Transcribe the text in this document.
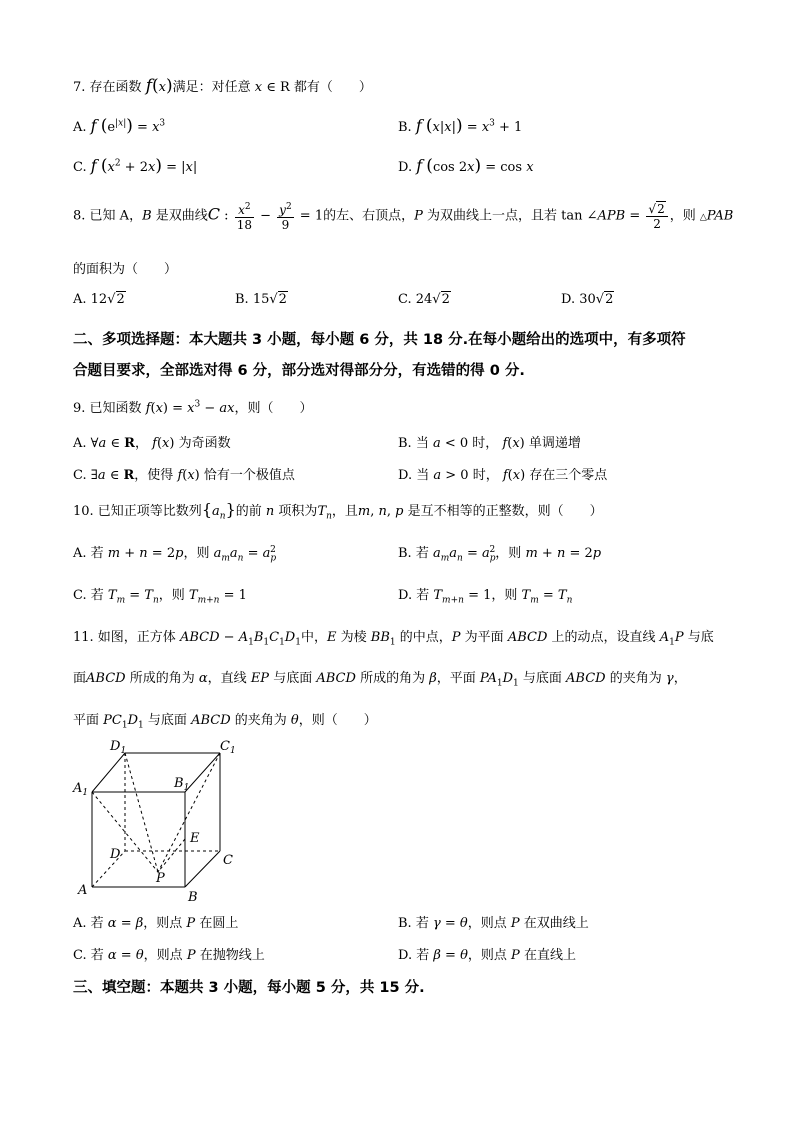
7. 存在函数 f(x)满足：对任意 x ∈ R 都有（　　）
A. f $(e^{|x|}) = x^3$	B. f $(x|x|) = x^3 + 1$
C. f $(x^2 + 2x) = |x|$	D. f (cos 2x) = cos x
8. 已知 A，B 是双曲线C : $\frac{x^2}{18} - \frac{y^2}{9} = 1$的左、右顶点，P 为双曲线上一点，且若 tan ∠APB = $\frac{√2}{2}$ ，则 △PAB
的面积为（　　）
A. 12√2	B. 15√2	C. 24√2	D. 30√2
二、多项选择题：本大题共 3 小题，每小题 6 分，共 18 分.在每小题给出的选项中，有多项符
合题目要求，全部选对得 6 分，部分选对得部分分，有选错的得 0 分.
9. 已知函数 $f(x) = x^3$ − ax，则（　　）
A. ∀a ∈ R， f(x) 为奇函数	B. 当 a < 0 时， f(x) 单调递增
C. ∃a ∈ R，使得 f(x) 恰有一个极值点	D. 当 a > 0 时， f(x) 存在三个零点
10. 已知正项等比数列$\{a_n\}$的前 n 项积为$T_n$，且m, n, p 是互不相等的正整数，则（　　）
A. 若 m + n = 2p，则 $a_ma_n = a_p^2$	B. 若 $a_ma_n = a_p^2$，则 m + n = 2p
C. 若 $T_m = T_n$，则 $T_{m+n} = 1$	D. 若 $T_{m+n} = 1$，则 $T_m = T_n$
11. 如图，正方体 ABCD − $A_1B_1C_1D_1$中，E 为棱 $BB_1$ 的中点，P 为平面 ABCD 上的动点，设直线 $A_1P$ 与底
面ABCD 所成的角为 α，直线 EP 与底面 ABCD 所成的角为 β，平面 $PA_1D_1$ 与底面 ABCD 的夹角为 γ，
平面 $PC_1D_1$ 与底面 ABCD 的夹角为 θ，则（　　）
$D_1$	$C_1$
$A_1$
$B_1$
D	C
E
P
A	B
A. 若 α = β，则点 P 在圆上	B. 若 γ = θ，则点 P 在双曲线上
C. 若 α = θ，则点 P 在抛物线上	D. 若 β = θ，则点 P 在直线上
三、填空题：本题共 3 小题，每小题 5 分，共 15 分.
